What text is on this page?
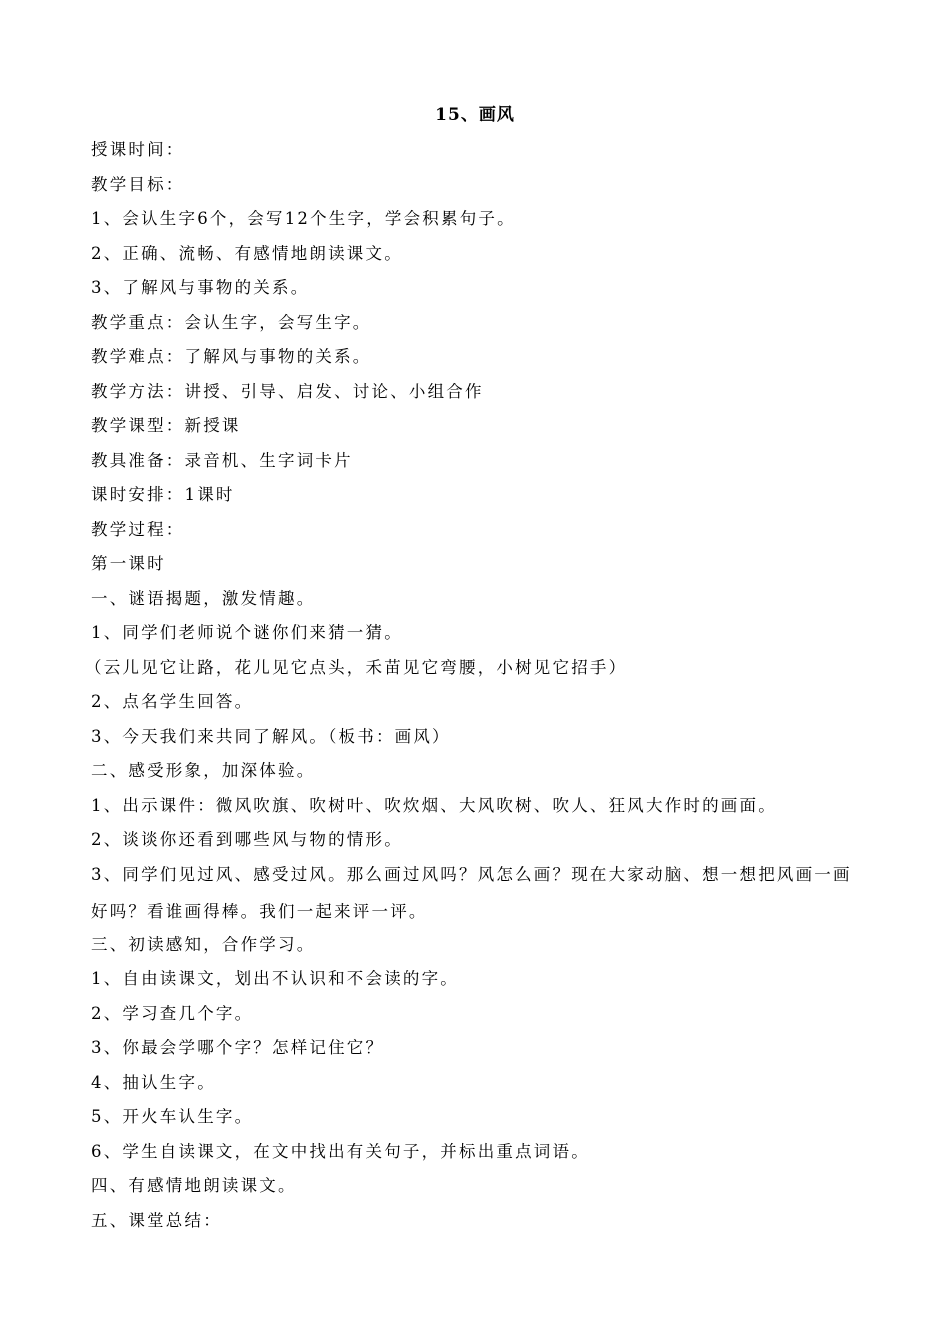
15、画风
授课时间：
教学目标：
1、会认生字6个，会写12个生字，学会积累句子。
2、正确、流畅、有感情地朗读课文。
3、了解风与事物的关系。
教学重点：会认生字，会写生字。
教学难点：了解风与事物的关系。
教学方法：讲授、引导、启发、讨论、小组合作
教学课型：新授课
教具准备：录音机、生字词卡片
课时安排：1课时
教学过程：
第一课时
一、谜语揭题，激发情趣。
1、同学们老师说个谜你们来猜一猜。
（云儿见它让路，花儿见它点头，禾苗见它弯腰，小树见它招手）
2、点名学生回答。
3、今天我们来共同了解风。（板书：画风）
二、感受形象，加深体验。
1、出示课件：微风吹旗、吹树叶、吹炊烟、大风吹树、吹人、狂风大作时的画面。
2、谈谈你还看到哪些风与物的情形。
3、同学们见过风、感受过风。那么画过风吗？风怎么画？现在大家动脑、想一想把风画一画好吗？看谁画得棒。我们一起来评一评。
三、初读感知，合作学习。
1、自由读课文，划出不认识和不会读的字。
2、学习查几个字。
3、你最会学哪个字？怎样记住它？
4、抽认生字。
5、开火车认生字。
6、学生自读课文，在文中找出有关句子，并标出重点词语。
四、有感情地朗读课文。
五、课堂总结：
